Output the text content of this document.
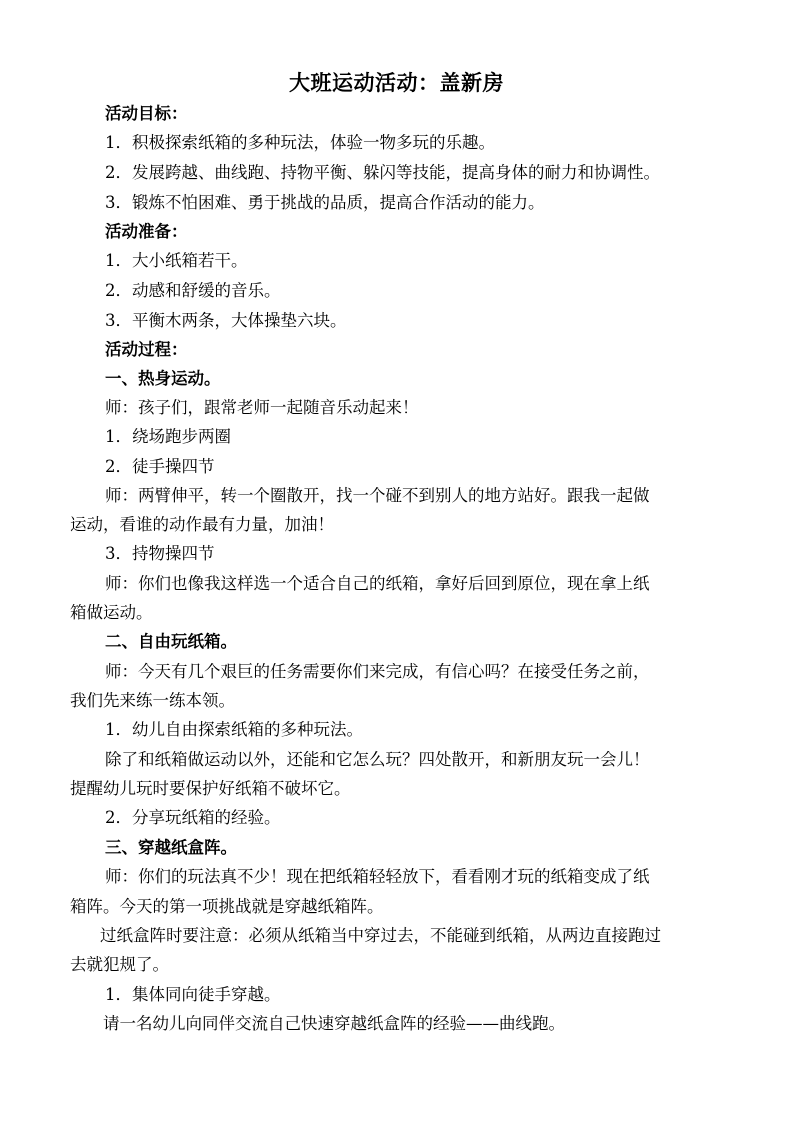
大班运动活动：盖新房
活动目标：
1．积极探索纸箱的多种玩法，体验一物多玩的乐趣。
2．发展跨越、曲线跑、持物平衡、躲闪等技能，提高身体的耐力和协调性。
3．锻炼不怕困难、勇于挑战的品质，提高合作活动的能力。
活动准备：
1．大小纸箱若干。
2．动感和舒缓的音乐。
3．平衡木两条，大体操垫六块。
活动过程：
一、热身运动。
师：孩子们，跟常老师一起随音乐动起来！
1．绕场跑步两圈
2．徒手操四节
师：两臂伸平，转一个圈散开，找一个碰不到别人的地方站好。跟我一起做
运动，看谁的动作最有力量，加油！
3．持物操四节
师：你们也像我这样选一个适合自己的纸箱，拿好后回到原位，现在拿上纸
箱做运动。
二、自由玩纸箱。
师：今天有几个艰巨的任务需要你们来完成，有信心吗？在接受任务之前，
我们先来练一练本领。
1．幼儿自由探索纸箱的多种玩法。
除了和纸箱做运动以外，还能和它怎么玩？四处散开，和新朋友玩一会儿！
提醒幼儿玩时要保护好纸箱不破坏它。
2．分享玩纸箱的经验。
三、穿越纸盒阵。
师：你们的玩法真不少！现在把纸箱轻轻放下，看看刚才玩的纸箱变成了纸
箱阵。今天的第一项挑战就是穿越纸箱阵。
过纸盒阵时要注意：必须从纸箱当中穿过去，不能碰到纸箱，从两边直接跑过
去就犯规了。
1．集体同向徒手穿越。
请一名幼儿向同伴交流自己快速穿越纸盒阵的经验——曲线跑。
